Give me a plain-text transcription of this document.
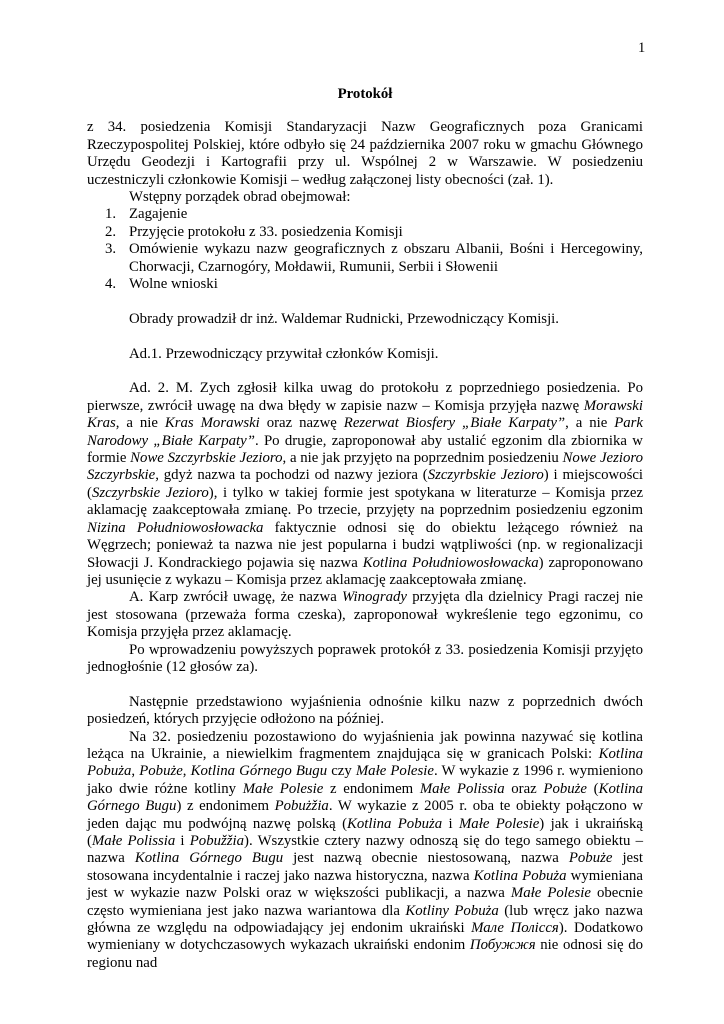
1

Protokół

z 34. posiedzenia Komisji Standaryzacji Nazw Geograficznych poza Granicami Rzeczypospolitej Polskiej, które odbyło się 24 października 2007 roku w gmachu Głównego Urzędu Geodezji i Kartografii przy ul. Wspólnej 2 w Warszawie. W posiedzeniu uczestniczyli członkowie Komisji – według załączonej listy obecności (zał. 1).

Wstępny porządek obrad obejmował:

1. Zagajenie
2. Przyjęcie protokołu z 33. posiedzenia Komisji
3. Omówienie wykazu nazw geograficznych z obszaru Albanii, Bośni i Hercegowiny, Chorwacji, Czarnogóry, Mołdawii, Rumunii, Serbii i Słowenii
4. Wolne wnioski

Obrady prowadził dr inż. Waldemar Rudnicki, Przewodniczący Komisji.

Ad.1. Przewodniczący przywitał członków Komisji.

Ad. 2. M. Zych zgłosił kilka uwag do protokołu z poprzedniego posiedzenia. Po pierwsze, zwrócił uwagę na dwa błędy w zapisie nazw – Komisja przyjęła nazwę Morawski Kras, a nie Kras Morawski oraz nazwę Rezerwat Biosfery „Białe Karpaty”, a nie Park Narodowy „Białe Karpaty”. Po drugie, zaproponował aby ustalić egzonim dla zbiornika w formie Nowe Szczyrbskie Jezioro, a nie jak przyjęto na poprzednim posiedzeniu Nowe Jezioro Szczyrbskie, gdyż nazwa ta pochodzi od nazwy jeziora (Szczyrbskie Jezioro) i miejscowości (Szczyrbskie Jezioro), i tylko w takiej formie jest spotykana w literaturze – Komisja przez aklamację zaakceptowała zmianę. Po trzecie, przyjęty na poprzednim posiedzeniu egzonim Nizina Południowosłowacka faktycznie odnosi się do obiektu leżącego również na Węgrzech; ponieważ ta nazwa nie jest popularna i budzi wątpliwości (np. w regionalizacji Słowacji J. Kondrackiego pojawia się nazwa Kotlina Południowosłowacka) zaproponowano jej usunięcie z wykazu – Komisja przez aklamację zaakceptowała zmianę.

A. Karp zwrócił uwagę, że nazwa Winogrady przyjęta dla dzielnicy Pragi raczej nie jest stosowana (przeważa forma czeska), zaproponował wykreślenie tego egzonimu, co Komisja przyjęła przez aklamację.

Po wprowadzeniu powyższych poprawek protokół z 33. posiedzenia Komisji przyjęto jednogłośnie (12 głosów za).

Następnie przedstawiono wyjaśnienia odnośnie kilku nazw z poprzednich dwóch posiedzeń, których przyjęcie odłożono na później.

Na 32. posiedzeniu pozostawiono do wyjaśnienia jak powinna nazywać się kotlina leżąca na Ukrainie, a niewielkim fragmentem znajdująca się w granicach Polski: Kotlina Pobuża, Pobuże, Kotlina Górnego Bugu czy Małe Polesie. W wykazie z 1996 r. wymieniono jako dwie różne kotliny Małe Polesie z endonimem Małe Polissia oraz Pobuże (Kotlina Górnego Bugu) z endonimem Pobużžia. W wykazie z 2005 r. oba te obiekty połączono w jeden dając mu podwójną nazwę polską (Kotlina Pobuża i Małe Polesie) jak i ukraińską (Małe Polissia i Pobužžia). Wszystkie cztery nazwy odnoszą się do tego samego obiektu – nazwa Kotlina Górnego Bugu jest nazwą obecnie niestosowaną, nazwa Pobuże jest stosowana incydentalnie i raczej jako nazwa historyczna, nazwa Kotlina Pobuża wymieniana jest w wykazie nazw Polski oraz w większości publikacji, a nazwa Małe Polesie obecnie często wymieniana jest jako nazwa wariantowa dla Kotliny Pobuża (lub wręcz jako nazwa główna ze względu na odpowiadający jej endonim ukraiński Мале Полісся). Dodatkowo wymieniany w dotychczasowych wykazach ukraiński endonim Побужжя nie odnosi się do regionu nad
